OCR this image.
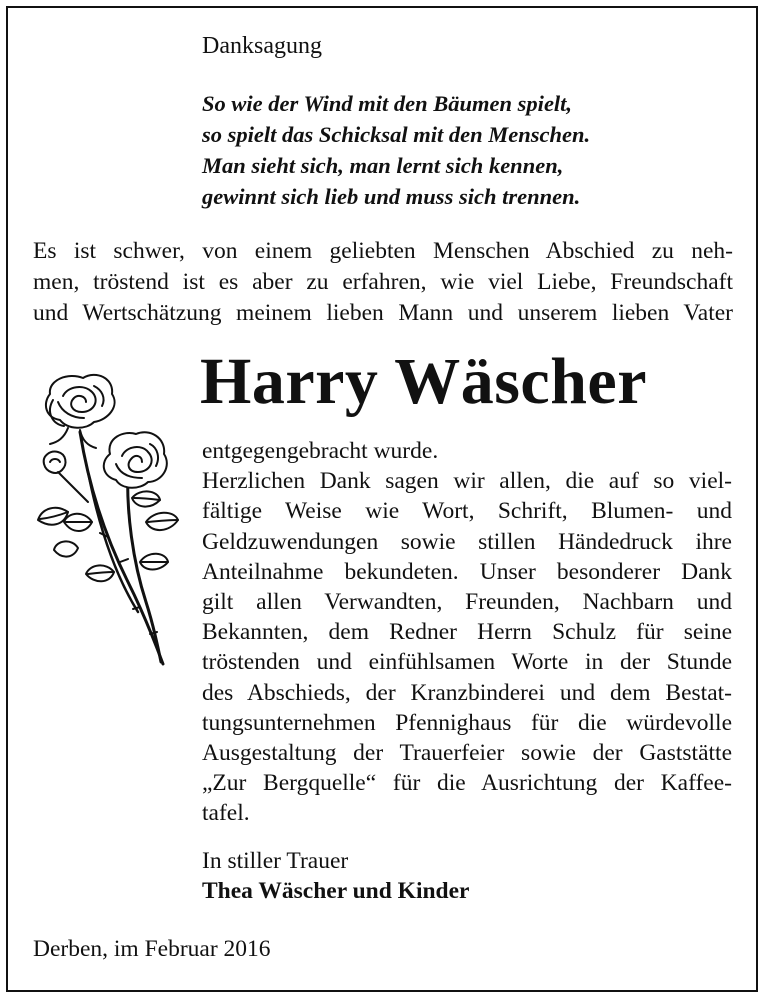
Danksagung
So wie der Wind mit den Bäumen spielt,
so spielt das Schicksal mit den Menschen.
Man sieht sich, man lernt sich kennen,
gewinnt sich lieb und muss sich trennen.
Es ist schwer, von einem geliebten Menschen Abschied zu neh-
men, tröstend ist es aber zu erfahren, wie viel Liebe, Freundschaft
und Wertschätzung meinem lieben Mann und unserem lieben Vater
Harry Wäscher
entgegengebracht wurde.
Herzlichen Dank sagen wir allen, die auf so viel-
fältige Weise wie Wort, Schrift, Blumen- und
Geldzuwendungen sowie stillen Händedruck ihre
Anteilnahme bekundeten. Unser besonderer Dank
gilt allen Verwandten, Freunden, Nachbarn und
Bekannten, dem Redner Herrn Schulz für seine
tröstenden und einfühlsamen Worte in der Stunde
des Abschieds, der Kranzbinderei und dem Bestat-
tungsunternehmen Pfennighaus für die würdevolle
Ausgestaltung der Trauerfeier sowie der Gaststätte
„Zur Bergquelle“ für die Ausrichtung der Kaffee-
tafel.
In stiller Trauer
Thea Wäscher und Kinder
Derben, im Februar 2016
